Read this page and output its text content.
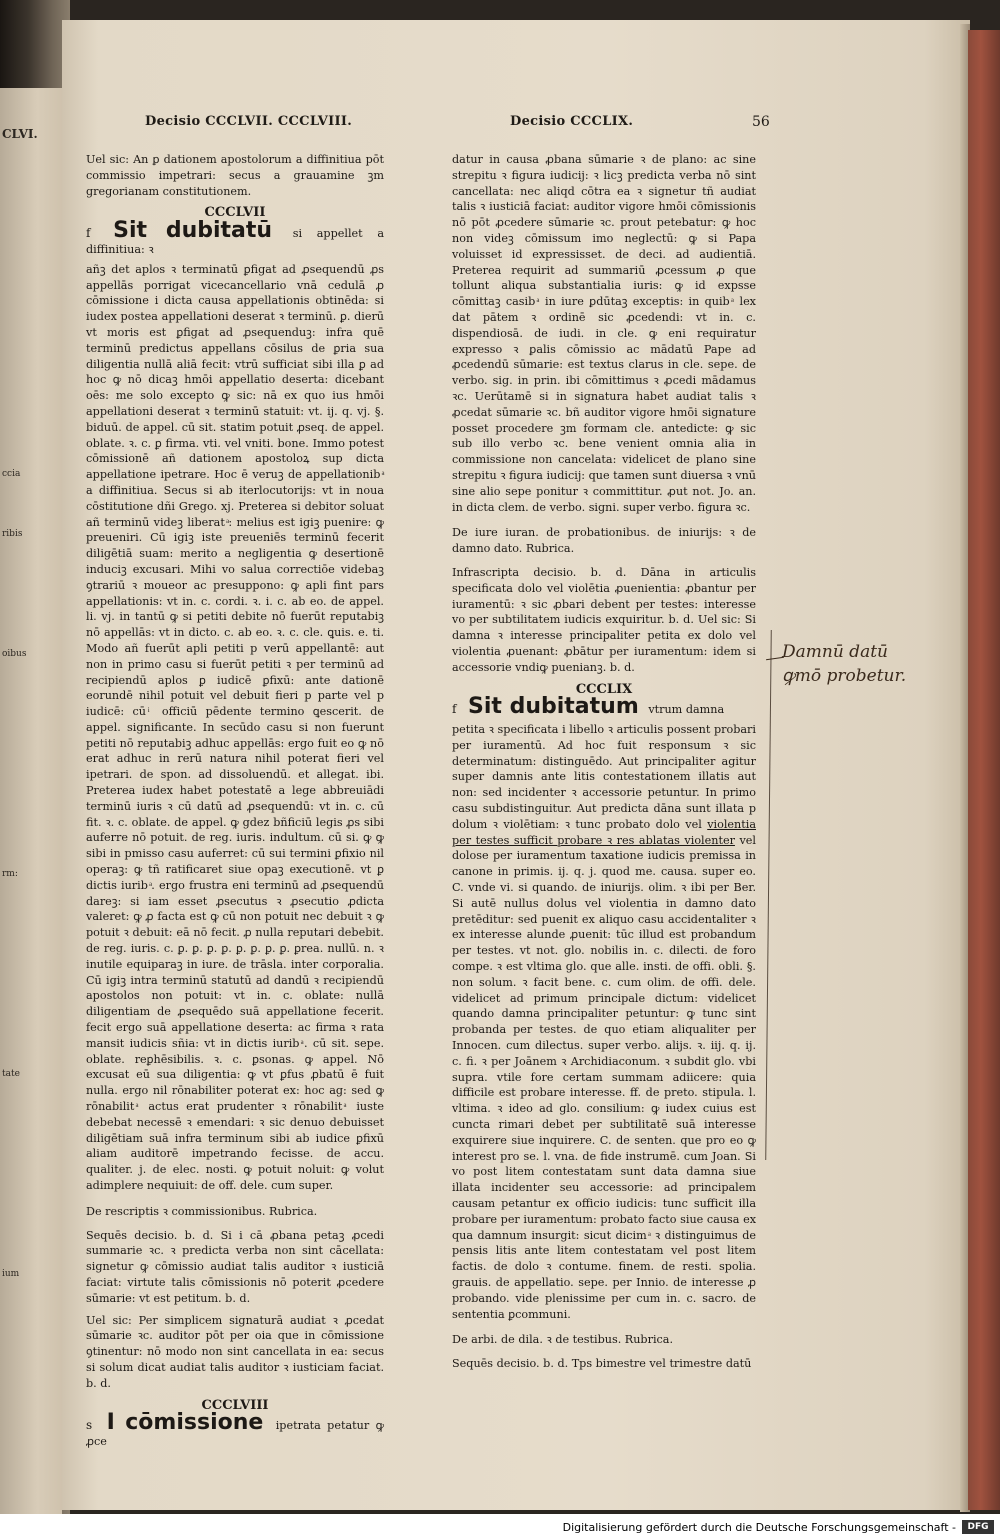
CLVI.
ccia
ribis
oibus
rm:
tate
ium
Decisio CCCLVII. CCCLVIII.	Decisio CCCLIX.	56

Uel sic: An ꝑ dationem apostolorum a diffinitiua pōt commissio impetrari: secus a grauamine ꝫm gregorianam constitutionem.

CCCLVII
f Sit dubitatū si appellet a diffinitiua: ꝛ

añꝫ det aplos ꝛ terminatū ꝑfigat ad ꝓsequendū ꝓs appellās porrigat vicecancellario vnā cedulā ꝓ cōmissione i dicta causa appellationis obtinēda: si iudex postea appellationi deserat ꝛ terminū. ꝑ. dierū vt moris est ꝑfigat ad ꝓsequenduꝫ: infra quē terminū predictus appellans cōsilus de ꝑria sua diligentia nullā aliā fecit: vtrū sufficiat sibi illa ꝑ ad hoc ꝙ nō dicaꝫ hmōi appellatio deserta: dicebant oēs: me solo excepto ꝙ sic: nā ex quo ius hmōi appellationi deserat ꝛ terminū statuit: vt. ij. q. vj. §. biduū. de appel. cū sit. statim potuit ꝓseq. de appel. oblate. ꝛ. c. ꝑ firma. vti. vel vniti. bone. Immo potest cōmissionē añ dationem apostoloꝝ sup dicta appellatione ipetrare. Hoc ē veruꝫ de appellationib ͣ a diffinitiua. Secus si ab iterlocutorijs: vt in noua cōstitutione dñi Grego. xj. Preterea si debitor soluat añ terminū videꝫ liberat ͣ: melius est igiꝫ puenire: ꝙ preueniri. Cū igiꝫ iste preueniēs terminū fecerit diligētiā suam: merito a negligentia ꝙ desertionē induciꝫ excusari. Mihi vo salua correctiōe videbaꝫ ꝯtrariū ꝛ moueor ac presuppono: ꝙ apli fint pars appellationis: vt in. c. cordi. ꝛ. i. c. ab eo. de appel. li. vj. in tantū ꝙ si petiti debite nō fuerūt reputabiꝫ nō appellās: vt in dicto. c. ab eo. ꝛ. c. cle. ꝗuis. e. ti. Modo añ fuerūt apli petiti p verū appellantē: aut non in primo casu si fuerūt petiti ꝛ per terminū ad recipiendū aplos ꝑ iudicē ꝑfixū: ante dationē eorundē nihil potuit vel debuit fieri p parte vel p iudicē: cū ͥ officiū pēdente termino ꝗescerit. de appel. significante. In secūdo casu si non fuerunt petiti nō reputabiꝫ adhuc appellās: ergo fuit eo ꝙ nō erat adhuc in rerū natura nihil poterat fieri vel ipetrari. de spon. ad dissoluendū. et allegat. ibi. Preterea iudex habet potestatē a lege abbreuiādi terminū iuris ꝛ cū datū ad ꝓsequendū: vt in. c. cū fit. ꝛ. c. oblate. de appel. ꝙ gdez bñficiū legis ꝓs sibi auferre nō potuit. de reg. iuris. indultum. cū si. ꝙ ꝙ sibi in pmisso casu auferret: cū sui termini ꝑfixio nil operaꝫ: ꝙ tñ ratificaret siue opaꝫ executionē. vt ꝑ dictis iurib ͣ. ergo frustra eni terminū ad ꝓsequendū dareꝫ: si iam esset ꝓsecutus ꝛ ꝓsecutio ꝓdicta valeret: ꝙ ꝓ facta est ꝙ cū non potuit nec debuit ꝛ ꝙ potuit ꝛ debuit: eā nō fecit. ꝓ nulla reputari debebit. de reg. iuris. c. ꝑ. ꝑ. ꝑ. ꝑ. ꝑ. ꝑ. ꝑ. ꝑ. ꝑrea. nullū. n. ꝛ inutile equiparaꝫ in iure. de trāsla. inter corporalia. Cū igiꝫ intra terminū statutū ad dandū ꝛ recipiendū apostolos non potuit: vt in. c. oblate: nullā diligentiam de ꝓsequēdo suā appellatione fecerit. fecit ergo suā appellatione deserta: ac firma ꝛ rata mansit iudicis sñia: vt in dictis iurib ͣ. cū sit. sepe. oblate. reꝑhēsibilis. ꝛ. c. ꝑsonas. ꝙ appel. Nō excusat eū sua diligentia: ꝙ vt ꝑfus ꝓbatū ē fuit nulla. ergo nil rōnabiliter poterat ex: hoc ag: sed ꝙ rōnabilit ͣ actus erat prudenter ꝛ rōnabilit ͣ iuste debebat necessē ꝛ emendari: ꝛ sic denuo debuisset diligētiam suā infra terminum sibi ab iudice ꝑfixū aliam auditorē impetrando fecisse. de accu. qualiter. j. de elec. nosti. ꝙ potuit noluit: ꝙ volut adimplere nequiuit: de off. dele. cum super.

De rescriptis ꝛ commissionibus. Rubrica.

Sequēs decisio. b. d. Si i cā ꝓbana petaꝫ ꝓcedi summarie ꝛc. ꝛ predicta verba non sint cācellata: signetur ꝙ cōmissio audiat talis auditor ꝛ iusticiā faciat: virtute talis cōmissionis nō poterit ꝓcedere sūmarie: vt est petitum. b. d.

Uel sic: Per simplicem signaturā audiat ꝛ ꝓcedat sūmarie ꝛc. auditor pōt per oia que in cōmissione ꝯtinentur: nō modo non sint cancellata in ea: secus si solum dicat audiat talis auditor ꝛ iusticiam faciat. b. d.

CCCLVIII
s I cōmissione ipetrata petatur ꝙ ꝓce

datur in causa ꝓbana sūmarie ꝛ de plano: ac sine strepitu ꝛ figura iudicij: ꝛ licꝫ predicta verba nō sint cancellata: nec aliqd cōtra ea ꝛ signetur tñ audiat talis ꝛ iusticiā faciat: auditor vigore hmōi cōmissionis nō pōt ꝓcedere sūmarie ꝛc. prout petebatur: ꝙ hoc non videꝫ cōmissum imo neglectū: ꝙ si Papa voluisset id expressisset. de deci. ad audientiā. Preterea requirit ad summariū ꝓcessum ꝓ que tollunt aliqua substantialia iuris: ꝙ id expsse cōmittaꝫ casib ͣ in iure ꝑdūtaꝫ exceptis: in quib ͣ lex dat pātem ꝛ ordinē sic ꝓcedendi: vt in. c. dispendiosā. de iudi. in cle. ꝙ eni requiratur expresso ꝛ ꝑalis cōmissio ac mādatū Pape ad ꝓcedendū sūmarie: est textus clarus in cle. sepe. de verbo. sig. in prin. ibi cōmittimus ꝛ ꝓcedi mādamus ꝛc. Uerūtamē si in signatura habet audiat talis ꝛ ꝓcedat sūmarie ꝛc. bñ auditor vigore hmōi signature posset procedere ꝫm formam cle. antedicte: ꝙ sic sub illo verbo ꝛc. bene venient omnia alia in commissione non cancelata: videlicet de plano sine strepitu ꝛ figura iudicij: que tamen sunt diuersa ꝛ vnū sine alio sepe ponitur ꝛ committitur. ꝓut not. Jo. an. in dicta clem. de verbo. signi. super verbo. figura ꝛc.

De iure iuran. de probationibus. de iniurijs: ꝛ de damno dato. Rubrica.

Infrascripta decisio. b. d. Dāna in articulis specificata dolo vel violētia ꝓuenientia: ꝓbantur per iuramentū: ꝛ sic ꝓbari debent per testes: interesse vo per subtilitatem iudicis exquiritur. b. d. Uel sic: Si damna ꝛ interesse principaliter petita ex dolo vel violentia ꝓuenant: ꝓbātur per iuramentum: idem si accessorie vndiꝙ puenianꝫ. b. d.

CCCLIX
f Sit dubitatum vtrum damna

petita ꝛ specificata i libello ꝛ articulis possent probari per iuramentū. Ad hoc fuit responsum ꝛ sic determinatum: distinguēdo. Aut principaliter agitur super damnis ante litis contestationem illatis aut non: sed incidenter ꝛ accessorie petuntur. In primo casu subdistinguitur. Aut predicta dāna sunt illata p dolum ꝛ violētiam: ꝛ tunc probato dolo vel violentia per testes sufficit probare ꝛ res ablatas violenter vel dolose per iuramentum taxatione iudicis premissa in canone in primis. ij. q. j. quod me. causa. super eo. C. vnde vi. si quando. de iniurijs. olim. ꝛ ibi per Ber. Si autē nullus dolus vel violentia in damno dato pretēditur: sed puenit ex aliquo casu accidentaliter ꝛ ex interesse alunde ꝓuenit: tūc illud est probandum per testes. vt not. glo. nobilis in. c. dilecti. de foro compe. ꝛ est vltima glo. que alle. insti. de offi. obli. §. non solum. ꝛ facit bene. c. cum olim. de offi. dele. videlicet ad primum principale dictum: videlicet quando damna principaliter petuntur: ꝙ tunc sint probanda per testes. de quo etiam aliqualiter per Innocen. cum dilectus. super verbo. alijs. ꝛ. iij. q. ij. c. fi. ꝛ per Joānem ꝛ Archidiaconum. ꝛ subdit glo. vbi supra. vtile fore certam summam adiicere: quia difficile est probare interesse. ff. de preto. stipula. l. vltima. ꝛ ideo ad glo. consilium: ꝙ iudex cuius est cuncta rimari debet per subtilitatē suā interesse exquirere siue inquirere. C. de senten. que pro eo ꝙ interest pro se. l. vna. de fide instrumē. cum Joan. Si vo post litem contestatam sunt data damna siue illata incidenter seu accessorie: ad principalem causam petantur ex officio iudicis: tunc sufficit illa probare per iuramentum: probato facto siue causa ex qua damnum insurgit: sicut dicim ͣ ꝛ distinguimus de pensis litis ante litem contestatam vel post litem factis. de dolo ꝛ contume. finem. de resti. spolia. grauis. de appellatio. sepe. per Innio. de interesse ꝓ probando. vide plenissime per cum in. c. sacro. de sententia ꝑcommuni.

De arbi. de dila. ꝛ de testibus. Rubrica.

Sequēs decisio. b. d. Tps bimestre vel trimestre datū

Damnū datū
ꝙmō probetur.
Digitalisierung gefördert durch die Deutsche Forschungsgemeinschaft -	DFG
